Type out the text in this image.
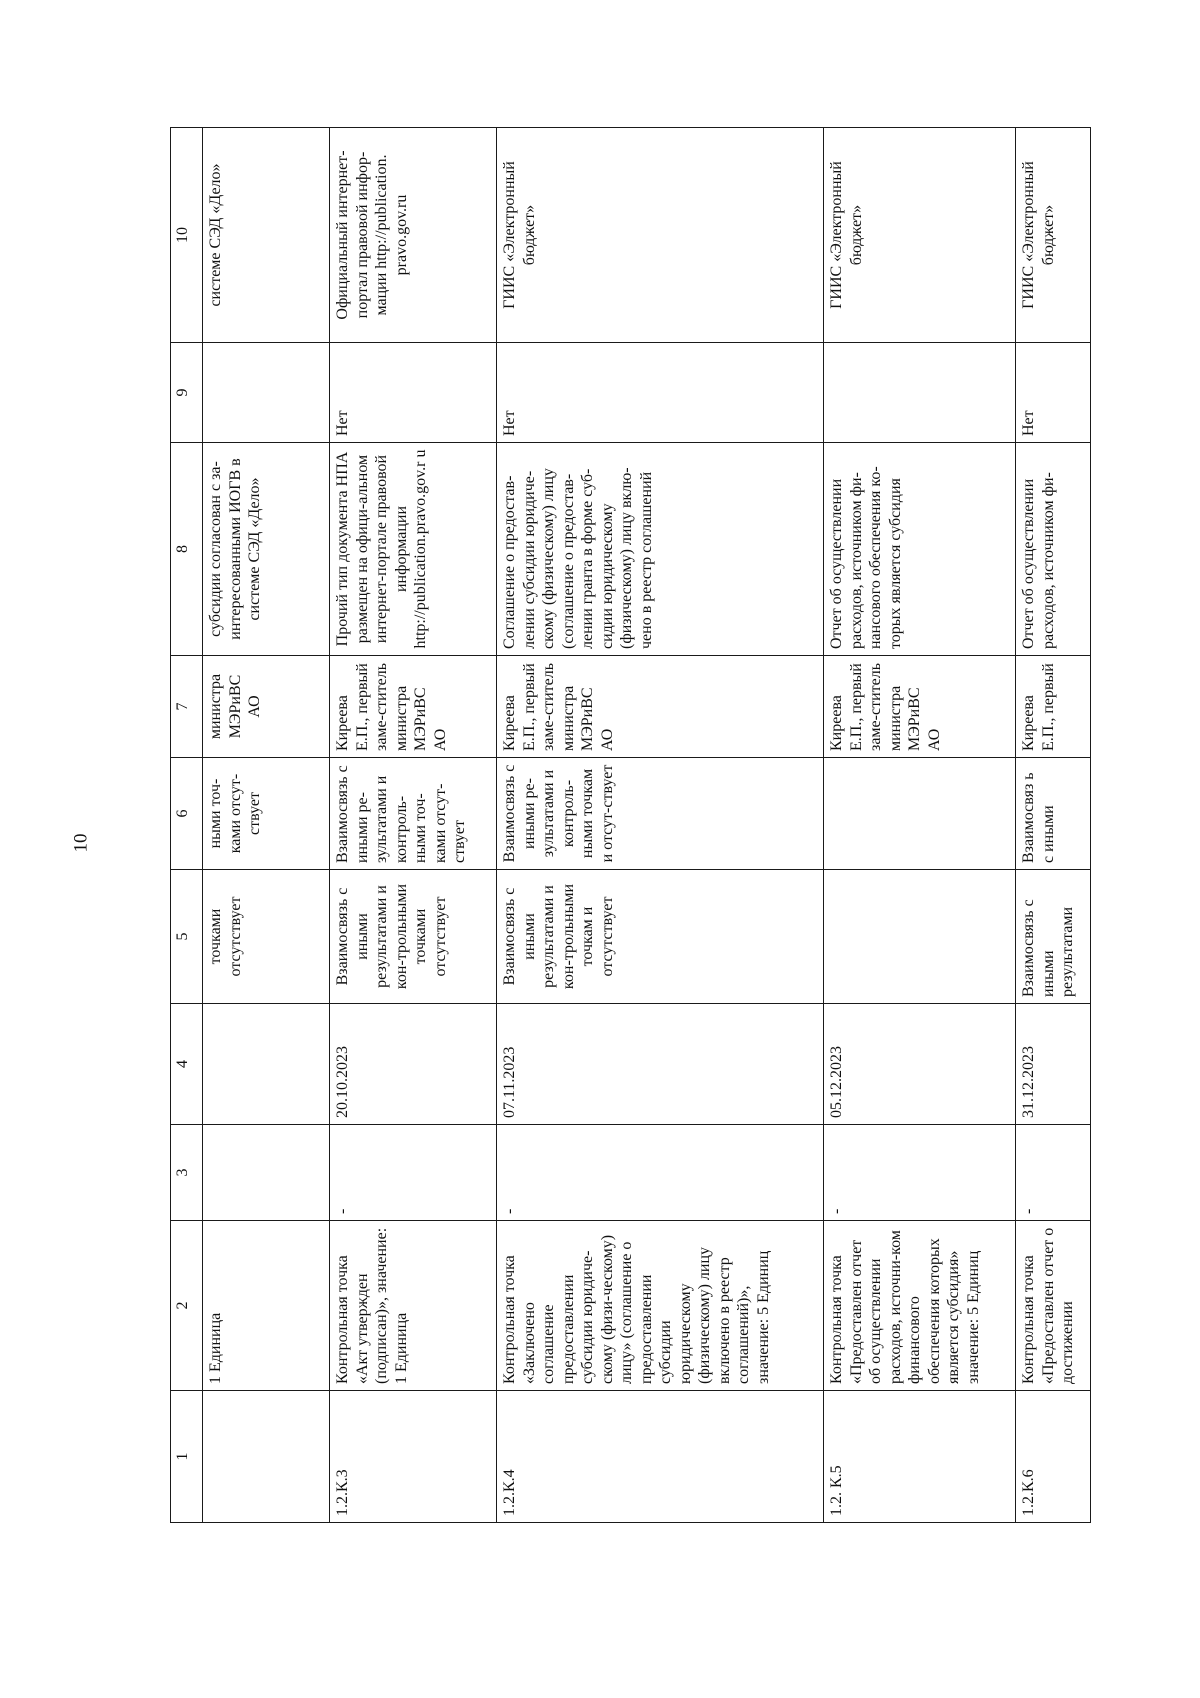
10
1	2	3	4	5	6	7	8	9	10
	1 Единица			точками отсутствует	ными точ-ками отсут-ствует	министра МЭРиВС АО	субсидии согласован с за-интересованными ИОГВ в системе СЭД «Дело»		системе СЭД «Дело»
1.2.К.3	Контрольная точка «Акт утвержден (подписан)», значение: 1 Единица	-	20.10.2023	Взаимосвязь с иными результатами и кон-трольными точками отсутствует	Взаимосвязь с иными ре-зультатами и контроль-ными точ-ками отсут-ствует	Киреева Е.П., первый заме-ститель министра МЭРиВС АО	Прочий тип документа НПА размещен на офици-альном интернет-портале правовой информации http://publication.pravo.gov.r u	Нет	Официальный интернет-портал правовой инфор-мации http://publication. pravo.gov.ru
1.2.К.4	Контрольная точка «Заключено соглашение предоставлении субсидии юридиче-скому (физи-ческому) лицу» (соглашение о предоставлении субсидии юридическому (физическому) лицу включено в реестр соглашений)», значение: 5 Единиц	-	07.11.2023	Взаимосвязь с иными результатами и кон-трольными точкам и отсутствует	Взаимосвязь с иными ре-зультатами и контроль-ными точкам и отсут-ствует	Киреева Е.П., первый заме-ститель министра МЭРиВС АО	Соглашение о предостав-лении субсидии юридиче-скому (физическому) лицу (соглашение о предостав-лении гранта в форме суб-сидии юридическому (физическому) лицу вклю-чено в реестр соглашений	Нет	ГИИС «Электронный бюджет»
1.2. К.5	Контрольная точка «Предоставлен отчет об осуществлении расходов, источни-ком финансового обеспечения которых является субсидия» значение: 5 Единиц	-	05.12.2023			Киреева Е.П., первый заме-ститель министра МЭРиВС АО	Отчет об осуществлении расходов, источником фи-нансового обеспечения ко-торых является субсидия		ГИИС «Электронный бюджет»
1.2.К.6	Контрольная точка «Предоставлен отчет о достижении	-	31.12.2023	Взаимосвязь с иными результатами	Взаимосвяз ь с иными	Киреева Е.П., первый	Отчет об осуществлении расходов, источником фи-	Нет	ГИИС «Электронный бюджет»
